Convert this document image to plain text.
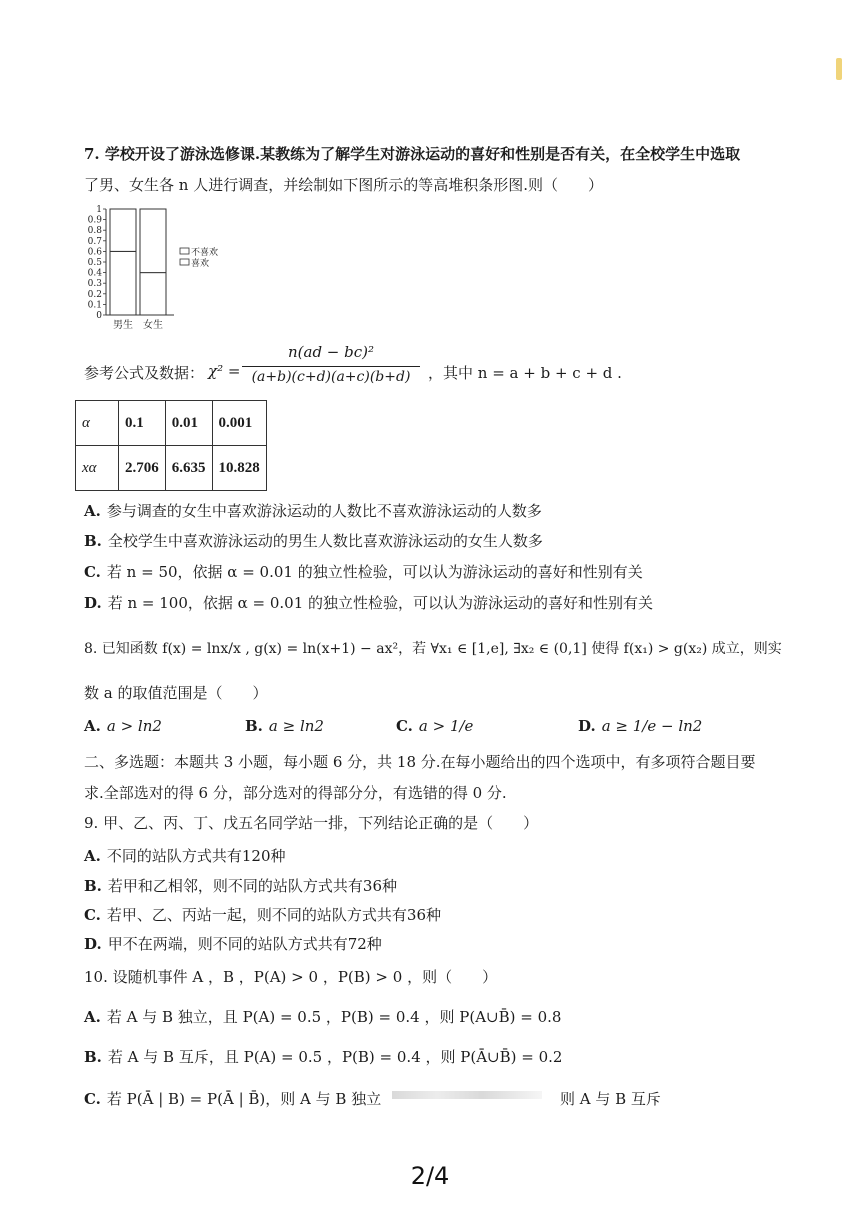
7. 学校开设了游泳选修课.某教练为了解学生对游泳运动的喜好和性别是否有关，在全校学生中选取
了男、女生各 n 人进行调查，并绘制如下图所示的等高堆积条形图.则（　　）
0
0.1
0.2
0.3
0.4
0.5
0.6
0.7
0.8
0.9
1
男生 女生
不喜欢
喜欢
参考公式及数据： χ² =
n(ad − bc)²
(a+b)(c+d)(a+c)(b+d)	，其中 n = a + b + c + d .
α	0.1	0.01	0.001
xα	2.706	6.635	10.828
A. 参与调查的女生中喜欢游泳运动的人数比不喜欢游泳运动的人数多
B. 全校学生中喜欢游泳运动的男生人数比喜欢游泳运动的女生人数多
C. 若 n = 50，依据 α = 0.01 的独立性检验，可以认为游泳运动的喜好和性别有关
D. 若 n = 100，依据 α = 0.01 的独立性检验，可以认为游泳运动的喜好和性别有关
8. 已知函数 f(x) = lnx/x , g(x) = ln(x+1) − ax²，若 ∀x₁ ∈ [1,e], ∃x₂ ∈ (0,1] 使得 f(x₁) > g(x₂) 成立，则实
数 a 的取值范围是（　　）
A. a > ln2	B. a ≥ ln2	C. a > 1/e	D. a ≥ 1/e − ln2
二、多选题：本题共 3 小题，每小题 6 分，共 18 分.在每小题给出的四个选项中，有多项符合题目要
求.全部选对的得 6 分，部分选对的得部分分，有选错的得 0 分.
9. 甲、乙、丙、丁、戊五名同学站一排，下列结论正确的是（　　）
A. 不同的站队方式共有120种
B. 若甲和乙相邻，则不同的站队方式共有36种
C. 若甲、乙、丙站一起，则不同的站队方式共有36种
D. 甲不在两端，则不同的站队方式共有72种
10. 设随机事件 A ，B ，P(A) > 0 ，P(B) > 0 ，则（　　）
A. 若 A 与 B 独立，且 P(A) = 0.5 ，P(B) = 0.4 ，则 P(A∪B̄) = 0.8
B. 若 A 与 B 互斥，且 P(A) = 0.5 ，P(B) = 0.4 ，则 P(Ā∪B̄) = 0.2
C. 若 P(Ā | B) = P(Ā | B̄)，则 A 与 B 独立	则 A 与 B 互斥
2/4
